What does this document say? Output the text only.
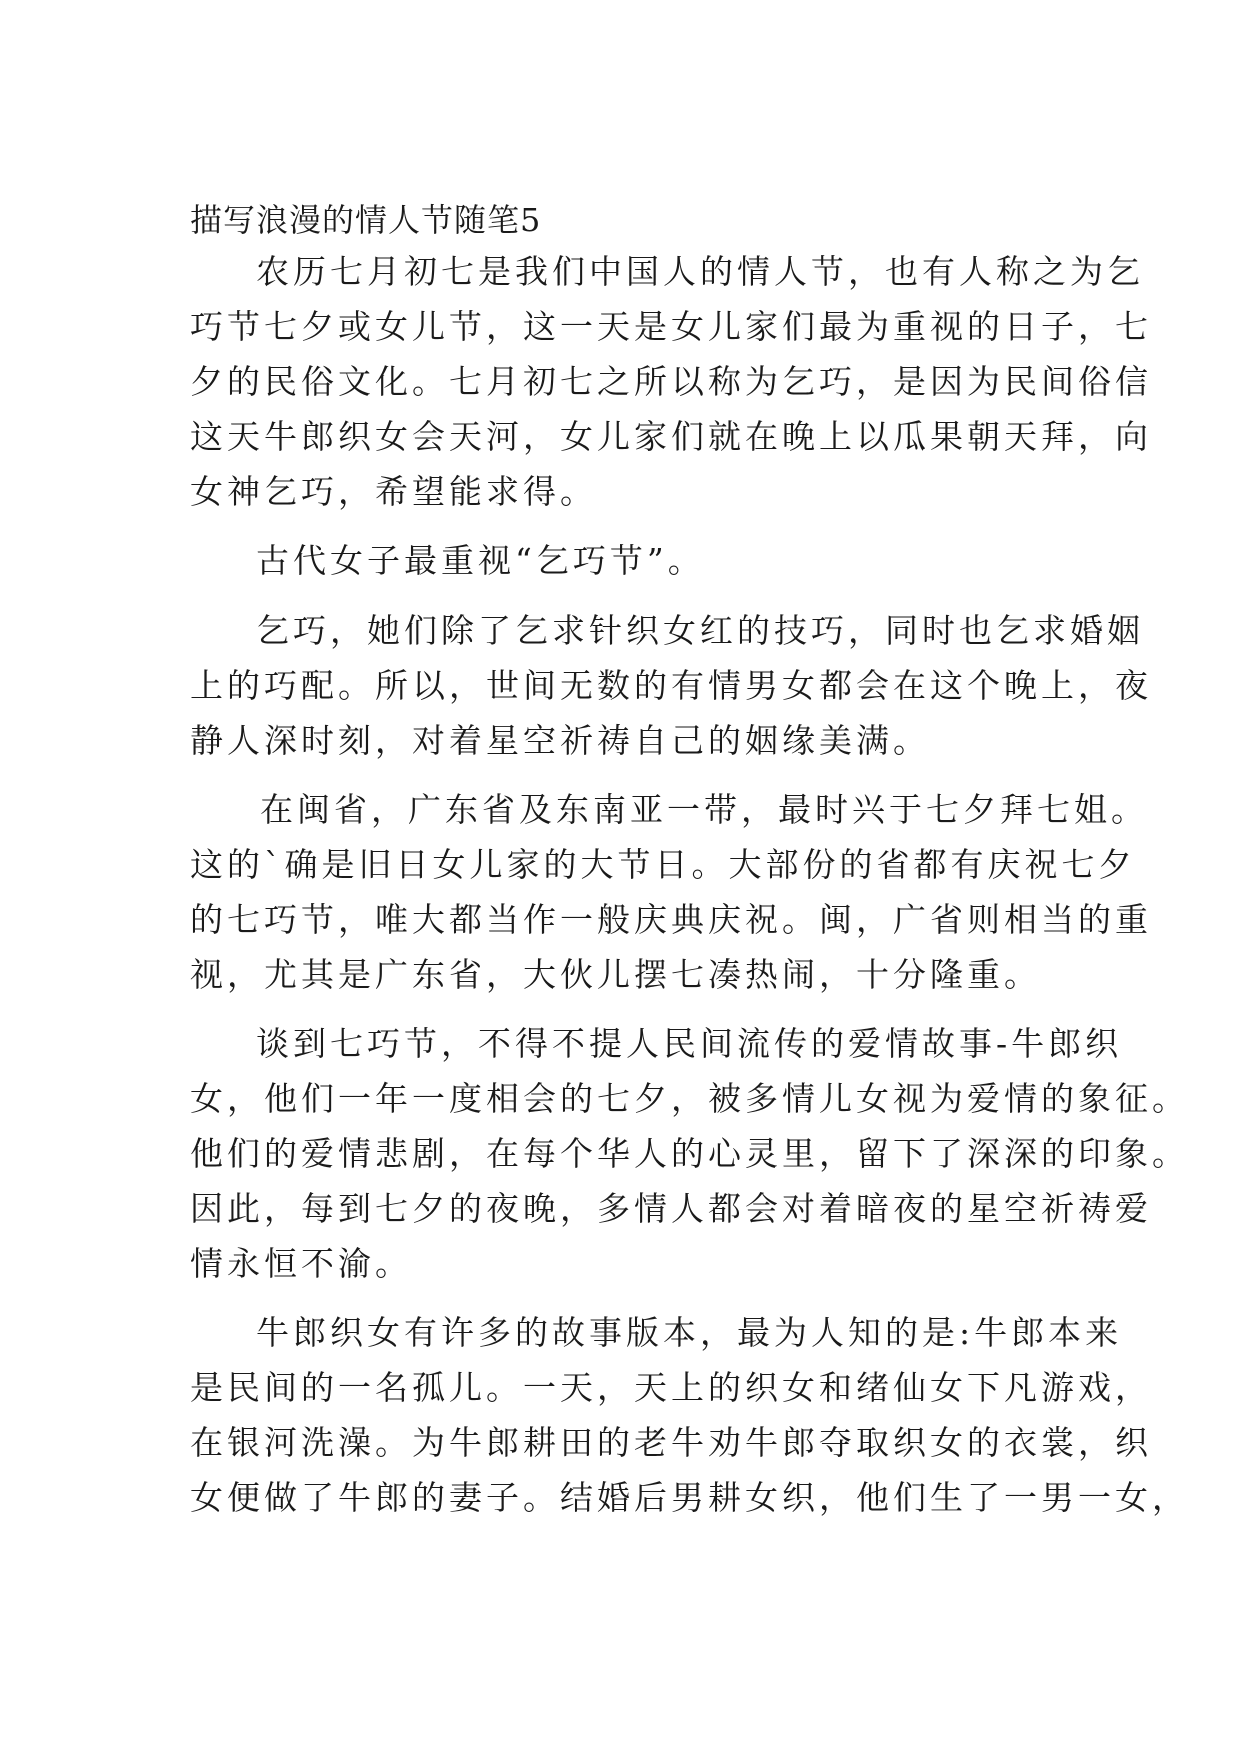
描写浪漫的情人节随笔5
农历七月初七是我们中国人的情人节，也有人称之为乞
巧节七夕或女儿节，这一天是女儿家们最为重视的日子，七
夕的民俗文化。七月初七之所以称为乞巧，是因为民间俗信
这天牛郎织女会天河，女儿家们就在晚上以瓜果朝天拜，向
女神乞巧，希望能求得。
古代女子最重视“乞巧节”。
乞巧，她们除了乞求针织女红的技巧，同时也乞求婚姻
上的巧配。所以，世间无数的有情男女都会在这个晚上，夜
静人深时刻，对着星空祈祷自己的姻缘美满。
在闽省，广东省及东南亚一带，最时兴于七夕拜七姐。
这的`确是旧日女儿家的大节日。大部份的省都有庆祝七夕
的七巧节，唯大都当作一般庆典庆祝。闽，广省则相当的重
视，尤其是广东省，大伙儿摆七凑热闹，十分隆重。
谈到七巧节，不得不提人民间流传的爱情故事-牛郎织
女，他们一年一度相会的七夕，被多情儿女视为爱情的象征。
他们的爱情悲剧，在每个华人的心灵里，留下了深深的印象。
因此，每到七夕的夜晚，多情人都会对着暗夜的星空祈祷爱
情永恒不渝。
牛郎织女有许多的故事版本，最为人知的是:牛郎本来
是民间的一名孤儿。一天，天上的织女和绪仙女下凡游戏，
在银河洗澡。为牛郎耕田的老牛劝牛郎夺取织女的衣裳，织
女便做了牛郎的妻子。结婚后男耕女织，他们生了一男一女，
